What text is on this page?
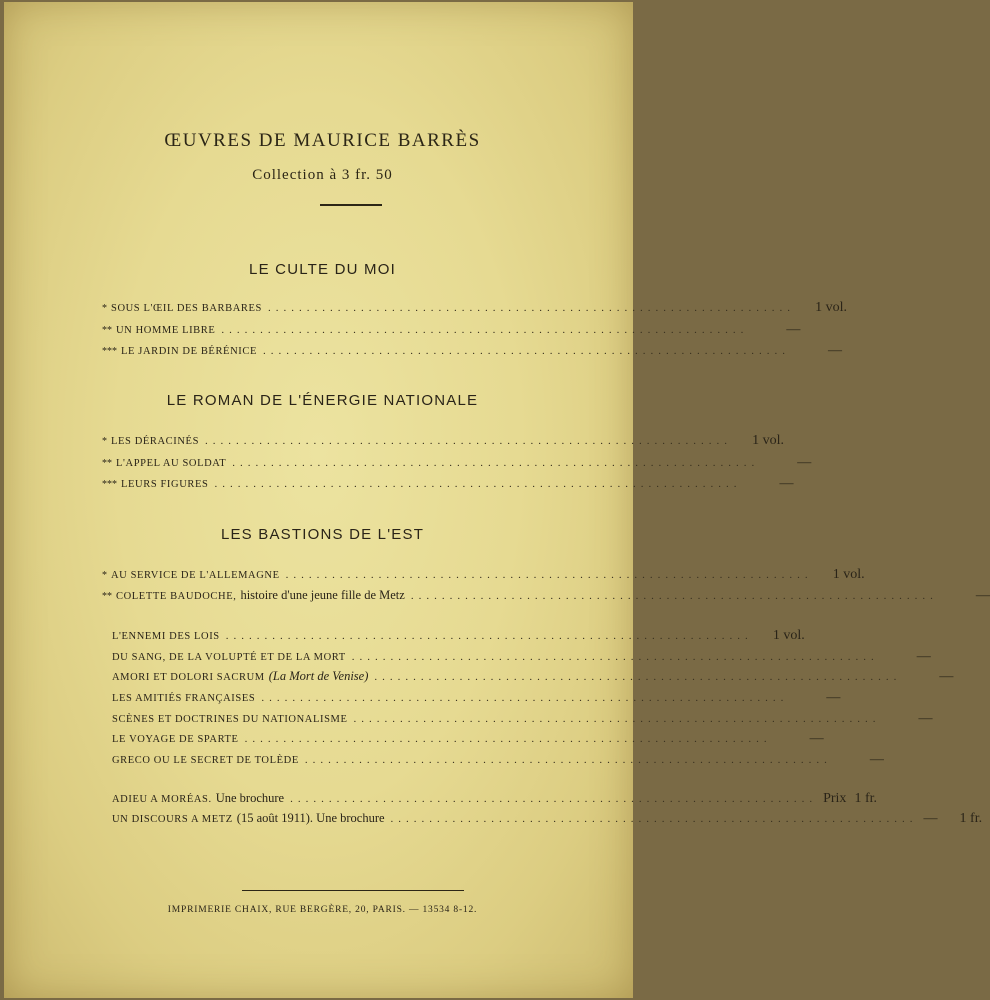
ŒUVRES DE MAURICE BARRÈS
Collection à 3 fr. 50
LE CULTE DU MOI
* SOUS L'ŒIL DES BARBARES ....................................................................	1 vol.
** UN HOMME LIBRE ....................................................................	—
*** LE JARDIN DE BÉRÉNICE ....................................................................	—
LE ROMAN DE L'ÉNERGIE NATIONALE
* LES DÉRACINÉS ....................................................................	1 vol.
** L'APPEL AU SOLDAT ....................................................................	—
*** LEURS FIGURES ....................................................................	—
LES BASTIONS DE L'EST
* AU SERVICE DE L'ALLEMAGNE ....................................................................	1 vol.
** COLETTE BAUDOCHE, histoire d'une jeune fille de Metz ....................................................................	—
L'ENNEMI DES LOIS ....................................................................	1 vol.
DU SANG, DE LA VOLUPTÉ ET DE LA MORT ....................................................................	—
AMORI ET DOLORI SACRUM (La Mort de Venise) ....................................................................	—
LES AMITIÉS FRANÇAISES ....................................................................	—
SCÈNES ET DOCTRINES DU NATIONALISME ....................................................................	—
LE VOYAGE DE SPARTE ....................................................................	—
GRECO OU LE SECRET DE TOLÈDE ....................................................................	—
ADIEU A MORÉAS. Une brochure .................................................................... Prix 1 fr.
UN DISCOURS A METZ (15 août 1911). Une brochure .................................................................... — 1 fr.
IMPRIMERIE CHAIX, RUE BERGÈRE, 20, PARIS. — 13534 8-12.
